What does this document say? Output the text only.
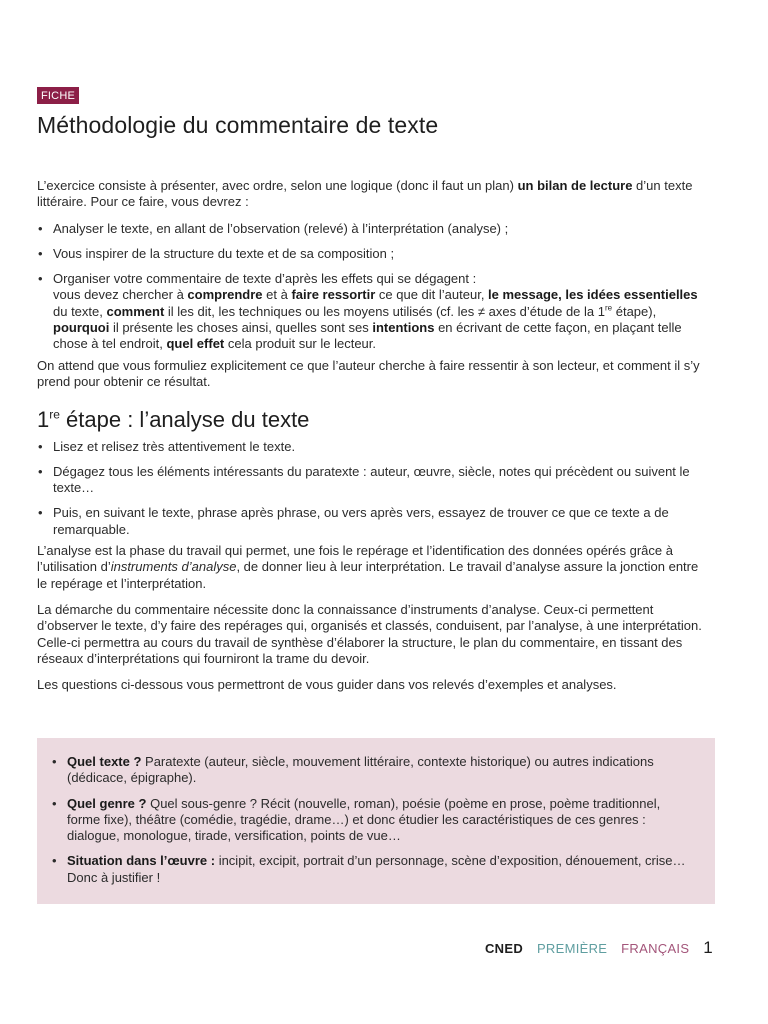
FICHE
Méthodologie du commentaire de texte

L’exercice consiste à présenter, avec ordre, selon une logique (donc il faut un plan) un bilan de lecture d’un texte littéraire. Pour ce faire, vous devrez :

• Analyser le texte, en allant de l’observation (relevé) à l’interprétation (analyse) ;
• Vous inspirer de la structure du texte et de sa composition ;
• Organiser votre commentaire de texte d’après les effets qui se dégagent :
vous devez chercher à comprendre et à faire ressortir ce que dit l’auteur, le message, les idées essentielles du texte, comment il les dit, les techniques ou les moyens utilisés (cf. les ≠ axes d’étude de la 1re étape), pourquoi il présente les choses ainsi, quelles sont ses intentions en écrivant de cette façon, en plaçant telle chose à tel endroit, quel effet cela produit sur le lecteur.

On attend que vous formuliez explicitement ce que l’auteur cherche à faire ressentir à son lecteur, et comment il s’y prend pour obtenir ce résultat.

1re étape : l’analyse du texte
• Lisez et relisez très attentivement le texte.
• Dégagez tous les éléments intéressants du paratexte : auteur, œuvre, siècle, notes qui précèdent ou suivent le texte…
• Puis, en suivant le texte, phrase après phrase, ou vers après vers, essayez de trouver ce que ce texte a de remarquable.

L’analyse est la phase du travail qui permet, une fois le repérage et l’identification des données opérés grâce à l’utilisation d’instruments d’analyse, de donner lieu à leur interprétation. Le travail d’analyse assure la jonction entre le repérage et l’interprétation.

La démarche du commentaire nécessite donc la connaissance d’instruments d’analyse. Ceux-ci permettent d’observer le texte, d’y faire des repérages qui, organisés et classés, conduisent, par l’analyse, à une interprétation. Celle-ci permettra au cours du travail de synthèse d’élaborer la structure, le plan du commentaire, en tissant des réseaux d’interprétations qui fourniront la trame du devoir.

Les questions ci-dessous vous permettront de vous guider dans vos relevés d’exemples et analyses.

• Quel texte ? Paratexte (auteur, siècle, mouvement littéraire, contexte historique) ou autres indications (dédicace, épigraphe).
• Quel genre ? Quel sous-genre ? Récit (nouvelle, roman), poésie (poème en prose, poème traditionnel, forme fixe), théâtre (comédie, tragédie, drame…) et donc étudier les caractéristiques de ces genres : dialogue, monologue, tirade, versification, points de vue…
• Situation dans l’œuvre : incipit, excipit, portrait d’un personnage, scène d’exposition, dénouement, crise… Donc à justifier !
CNED PREMIÈRE FRANÇAIS 1
